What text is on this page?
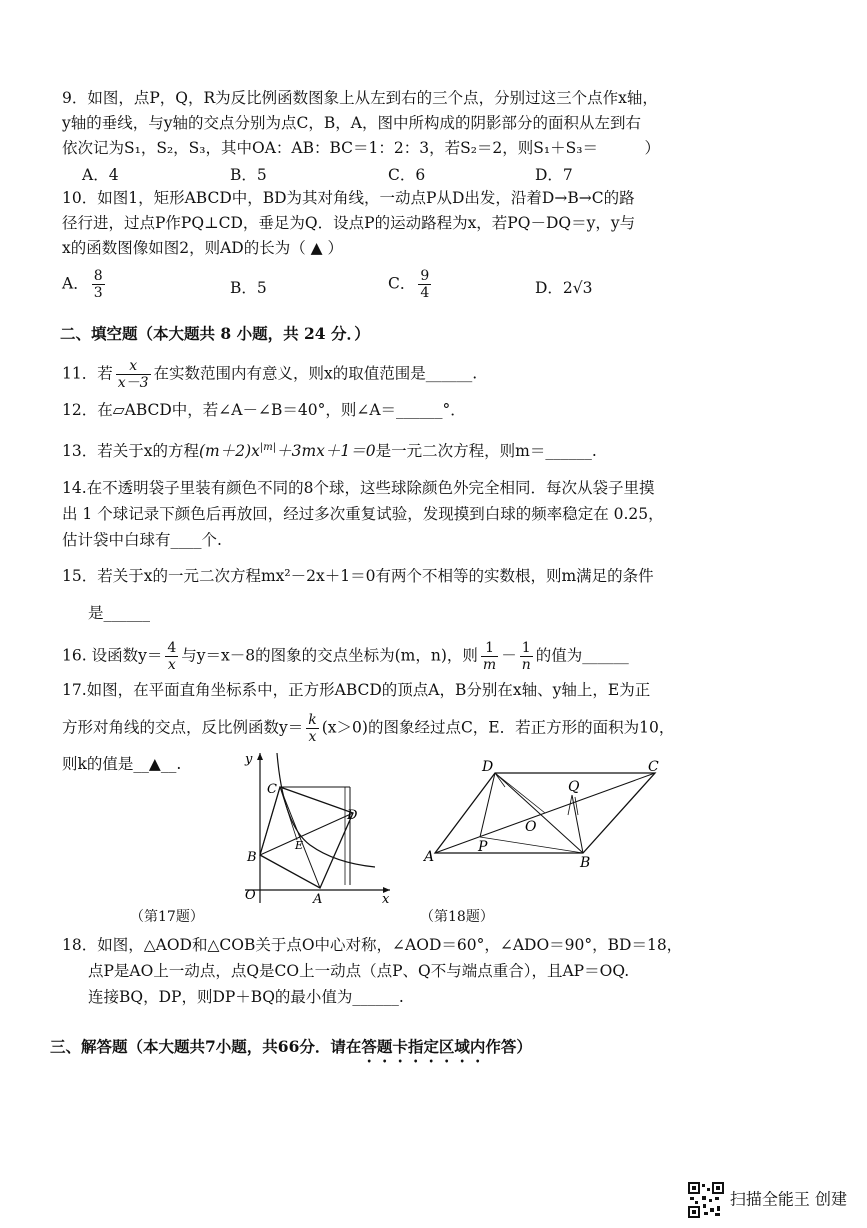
9．如图，点P，Q，R为反比例函数图象上从左到右的三个点，分别过这三个点作x轴，
y轴的垂线，与y轴的交点分别为点C，B，A，图中所构成的阴影部分的面积从左到右
依次记为S₁，S₂，S₃，其中OA：AB：BC＝1：2：3，若S₂＝2，则S₁＋S₃＝　　　）
A．4	B．5	C．6	D．7
10．如图1，矩形ABCD中，BD为其对角线，一动点P从D出发，沿着D→B→C的路
径行进，过点P作PQ⊥CD，垂足为Q．设点P的运动路程为x，若PQ－DQ＝y，y与
x的函数图像如图2，则AD的长为（ ▲ ）
A． $\frac{8}{3}$	B．5	C． $\frac{9}{4}$	D．2√3
二、填空题（本大题共 8 小题，共 24 分．）
11．若 $\frac{x}{x-3}$ 在实数范围内有意义，则x的取值范围是______.
12．在▱ABCD中，若∠A－∠B＝40°，则∠A＝______°．
13．若关于x的方程$(m+2)x^{|m|}+3mx+1=0$是一元二次方程，则m＝______.
14.在不透明袋子里装有颜色不同的8个球，这些球除颜色外完全相同．每次从袋子里摸
出 1 个球记录下颜色后再放回，经过多次重复试验，发现摸到白球的频率稳定在 0.25，
估计袋中白球有____个.
15．若关于x的一元二次方程mx²－2x＋1＝0有两个不相等的实数根，则m满足的条件
是______
16. 设函数$y= \frac{4}{x}$ 与y＝x－8的图象的交点坐标为(m，n)，则 $\frac{1}{m} - \frac{1}{n}$ 的值为______
17.如图，在平面直角坐标系中，正方形ABCD的顶点A，B分别在x轴、y轴上，E为正
方形对角线的交点，反比例函数$y= \frac{k}{x} (x>0)$的图象经过点C，E．若正方形的面积为10，
则k的值是__▲__.	y
C
D
B
E
O	A	x
（第17题）
D	C
Q
O
A
P
B
（第18题）
18．如图，△AOD和△COB关于点O中心对称，∠AOD＝60°，∠ADO＝90°，BD＝18，
点P是AO上一动点，点Q是CO上一动点（点P、Q不与端点重合），且AP＝OQ.
连接BQ，DP，则DP＋BQ的最小值为______.
三、解答题（本大题共7小题，共66分．请在答题卡指定区域内作答）
扫描全能王 创建
